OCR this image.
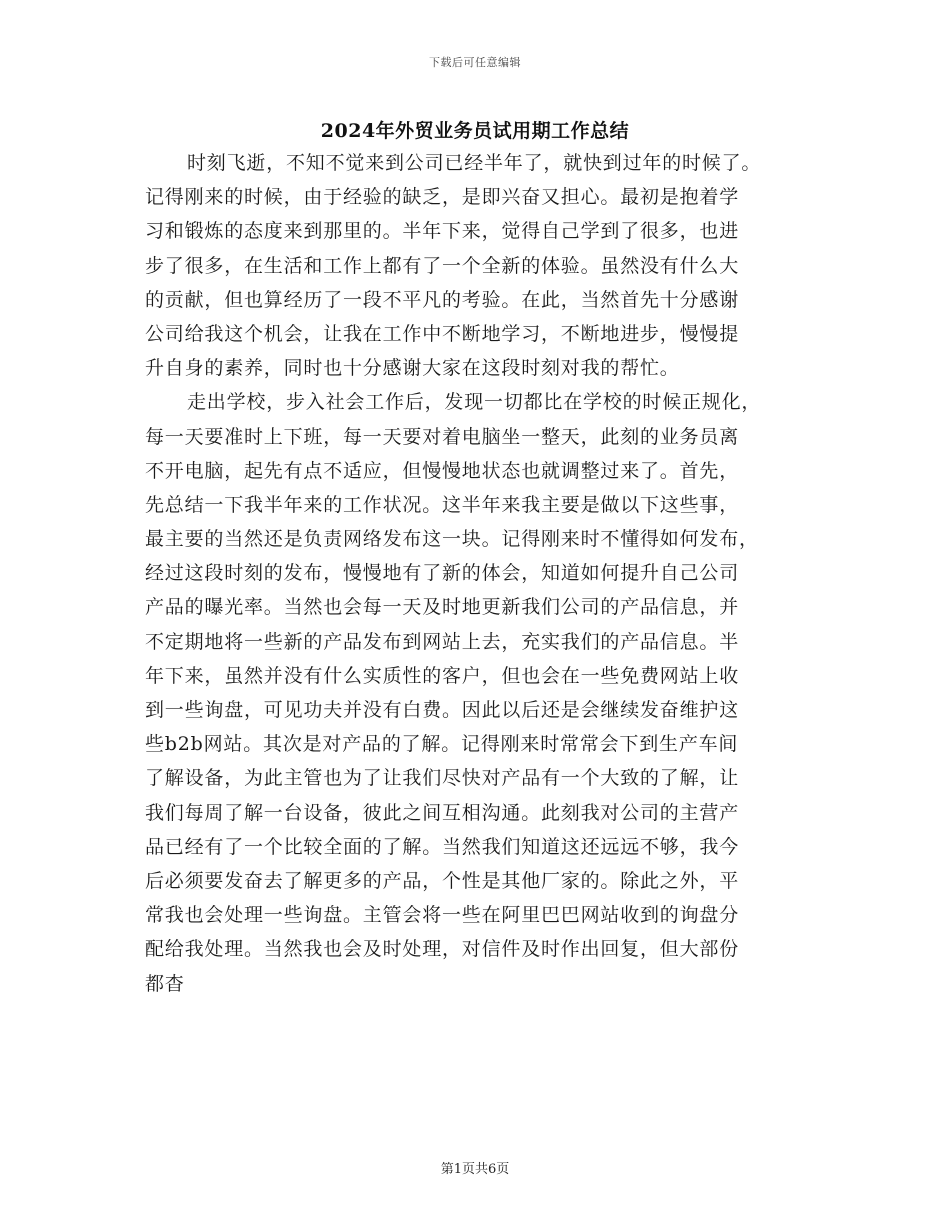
下载后可任意编辑
2024年外贸业务员试用期工作总结
时刻飞逝，不知不觉来到公司已经半年了，就快到过年的时候了。
记得刚来的时候，由于经验的缺乏，是即兴奋又担心。最初是抱着学
习和锻炼的态度来到那里的。半年下来，觉得自己学到了很多，也进
步了很多，在生活和工作上都有了一个全新的体验。虽然没有什么大
的贡献，但也算经历了一段不平凡的考验。在此，当然首先十分感谢
公司给我这个机会，让我在工作中不断地学习，不断地进步，慢慢提
升自身的素养，同时也十分感谢大家在这段时刻对我的帮忙。
走出学校，步入社会工作后，发现一切都比在学校的时候正规化，
每一天要准时上下班，每一天要对着电脑坐一整天，此刻的业务员离
不开电脑，起先有点不适应，但慢慢地状态也就调整过来了。首先，
先总结一下我半年来的工作状况。这半年来我主要是做以下这些事，
最主要的当然还是负责网络发布这一块。记得刚来时不懂得如何发布，
经过这段时刻的发布，慢慢地有了新的体会，知道如何提升自己公司
产品的曝光率。当然也会每一天及时地更新我们公司的产品信息，并
不定期地将一些新的产品发布到网站上去，充实我们的产品信息。半
年下来，虽然并没有什么实质性的客户，但也会在一些免费网站上收
到一些询盘，可见功夫并没有白费。因此以后还是会继续发奋维护这
些b2b网站。其次是对产品的了解。记得刚来时常常会下到生产车间
了解设备，为此主管也为了让我们尽快对产品有一个大致的了解，让
我们每周了解一台设备，彼此之间互相沟通。此刻我对公司的主营产
品已经有了一个比较全面的了解。当然我们知道这还远远不够，我今
后必须要发奋去了解更多的产品，个性是其他厂家的。除此之外，平
常我也会处理一些询盘。主管会将一些在阿里巴巴网站收到的询盘分
配给我处理。当然我也会及时处理，对信件及时作出回复，但大部份
都杳
第1页共6页
